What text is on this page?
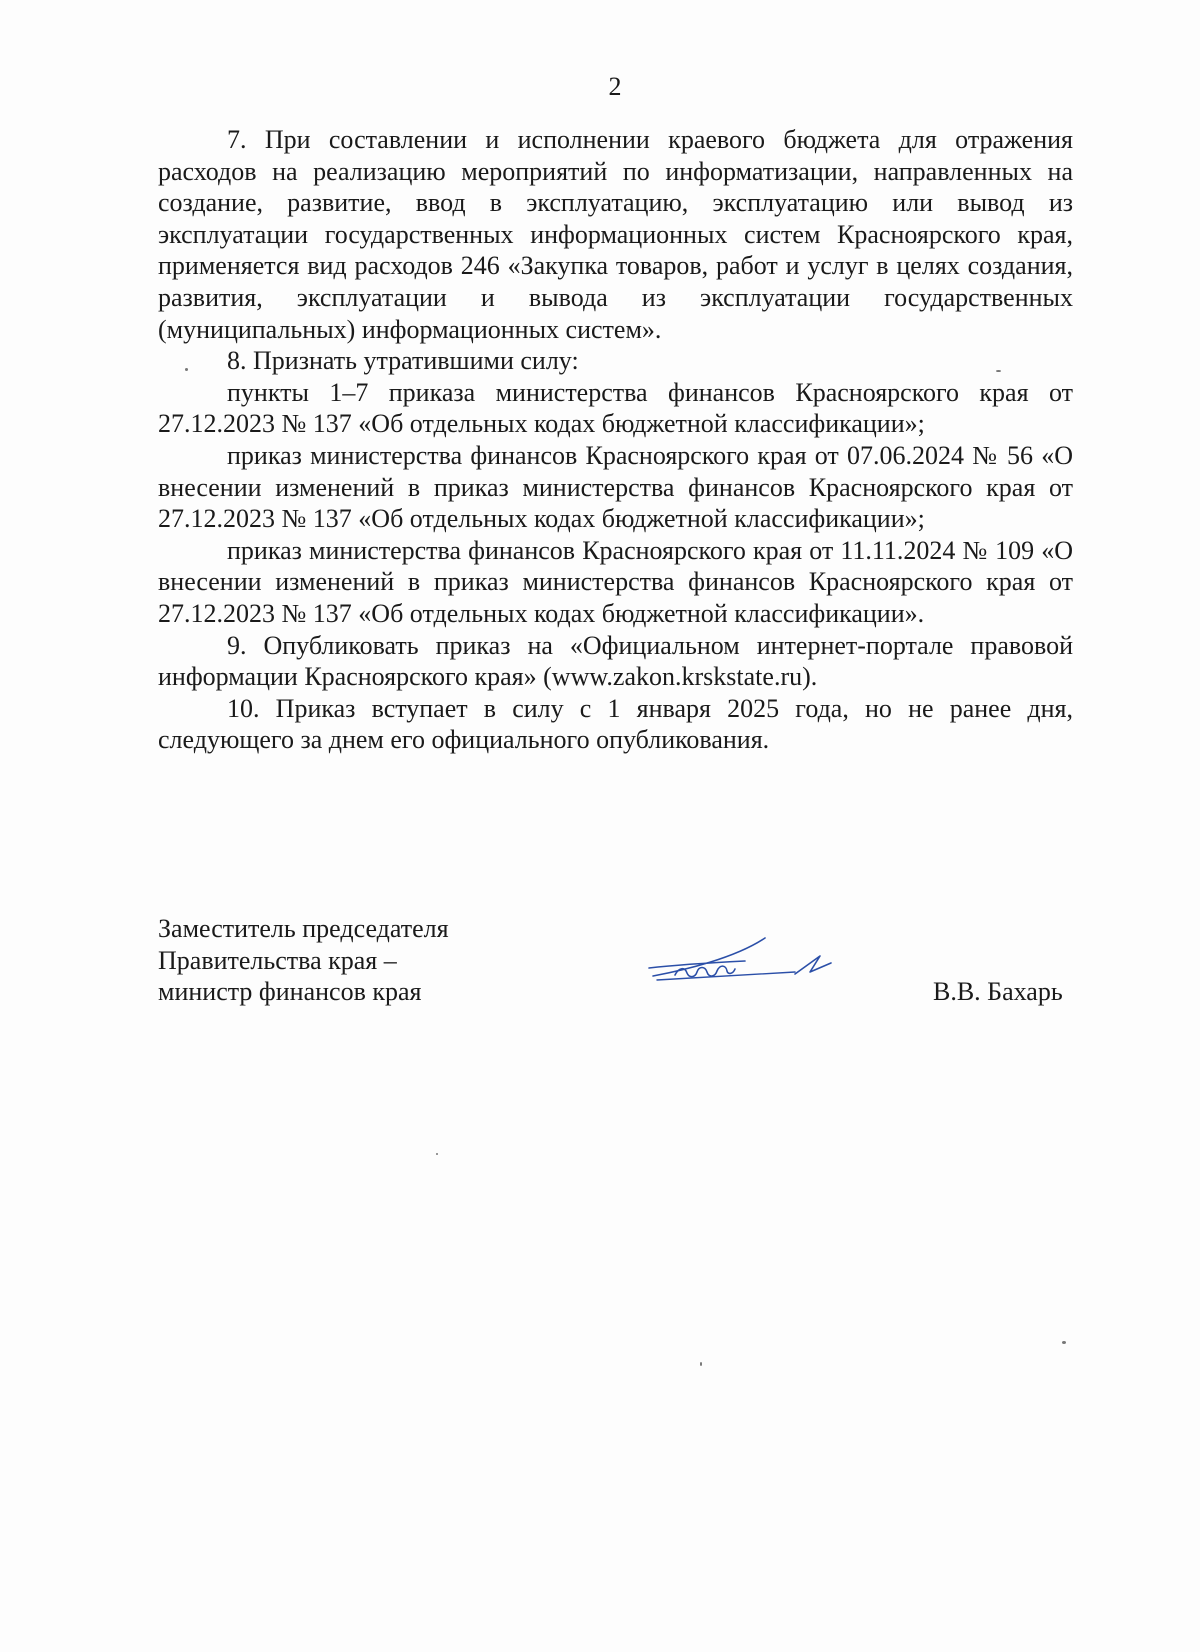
2

7. При составлении и исполнении краевого бюджета для отражения расходов на реализацию мероприятий по информатизации, направленных на создание, развитие, ввод в эксплуатацию, эксплуатацию или вывод из эксплуатации государственных информационных систем Красноярского края, применяется вид расходов 246 «Закупка товаров, работ и услуг в целях создания, развития, эксплуатации и вывода из эксплуатации государственных (муниципальных) информационных систем».

8. Признать утратившими силу:

пункты 1–7 приказа министерства финансов Красноярского края от 27.12.2023 № 137 «Об отдельных кодах бюджетной классификации»;

приказ министерства финансов Красноярского края от 07.06.2024 № 56 «О внесении изменений в приказ министерства финансов Красноярского края от 27.12.2023 № 137 «Об отдельных кодах бюджетной классификации»;

приказ министерства финансов Красноярского края от 11.11.2024 № 109 «О внесении изменений в приказ министерства финансов Красноярского края от 27.12.2023 № 137 «Об отдельных кодах бюджетной классификации».

9. Опубликовать приказ на «Официальном интернет-портале правовой информации Красноярского края» (www.zakon.krskstate.ru).

10. Приказ вступает в силу с 1 января 2025 года, но не ранее дня, следующего за днем его официального опубликования.

Заместитель председателя
Правительства края –
министр финансов края	В.В. Бахарь
